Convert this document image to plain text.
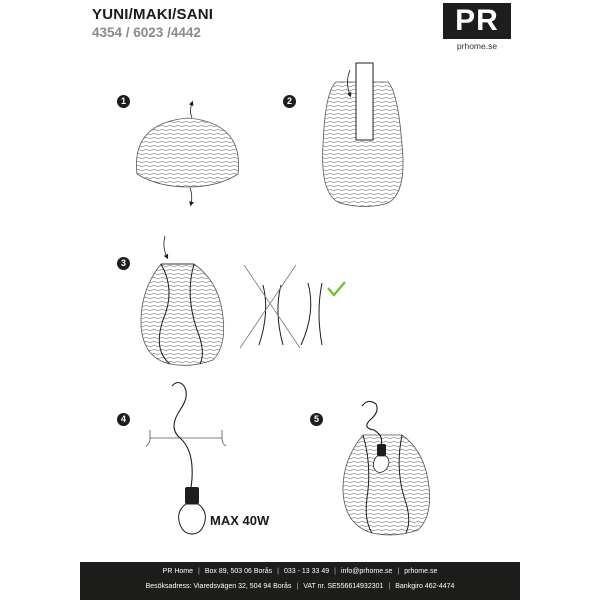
YUNI/MAKI/SANI
4354 / 6023 /4442	PR
prhome.se
1	2
3
4	5
MAX 40W
PR Home | Box 89, 503 06 Borås | 033 - 13 33 49 | info@prhome.se | prhome.se
Besöksadress: Viaredsvägen 32, 504 94 Borås | VAT nr. SE556614932301 | Bankgiro 462-4474
